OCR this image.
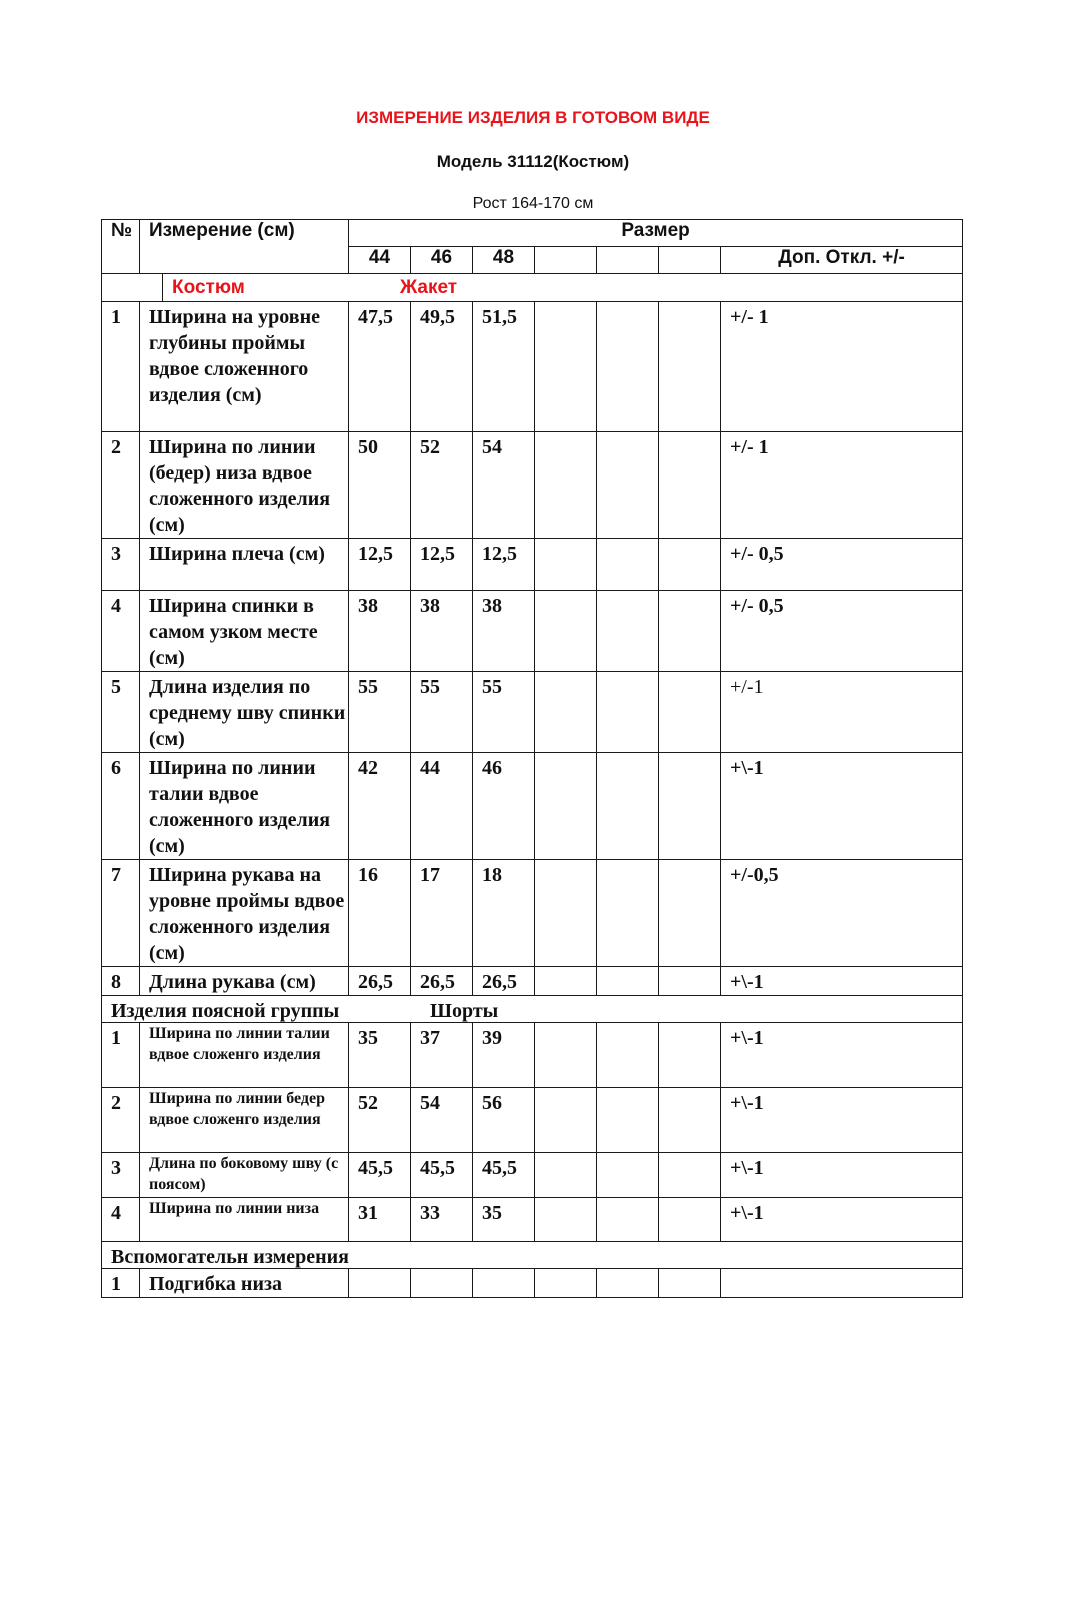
ИЗМЕРЕНИЕ ИЗДЕЛИЯ В ГОТОВОМ ВИДЕ
Модель 31112(Костюм)
Рост 164-170 см
№	Измерение (см)	Размер						
		44	46	48				Доп. Откл. +/-

Костюм Жакет								

1	Ширина на уровне глубины проймы вдвое сложенного изделия (см)	47,5	49,5	51,5				+/- 1
2	Ширина по линии (бедер) низа вдвое сложенного изделия (см)	50	52	54				+/- 1
3	Ширина плеча (см)	12,5	12,5	12,5				+/- 0,5
4	Ширина спинки в самом узком месте (см)	38	38	38				+/- 0,5
5	Длина изделия по среднему шву спинки (см)	55	55	55				+/-1
6	Ширина по линии талии вдвое сложенного изделия (см)	42	44	46				+\-1
7	Ширина рукава на уровне проймы вдвое сложенного изделия (см)	16	17	18				+/-0,5
8	Длина рукава (см)	26,5	26,5	26,5				+\-1

Изделия поясной группы Шорты								

1	Ширина по линии талии вдвое сложенго изделия	35	37	39				+\-1
2	Ширина по линии бедер вдвое сложенго изделия	52	54	56				+\-1
3	Длина по боковому шву (с поясом)	45,5	45,5	45,5				+\-1
4	Ширина по линии низа	31	33	35				+\-1

Вспомогательн измерения								

1	Подгибка низа							
